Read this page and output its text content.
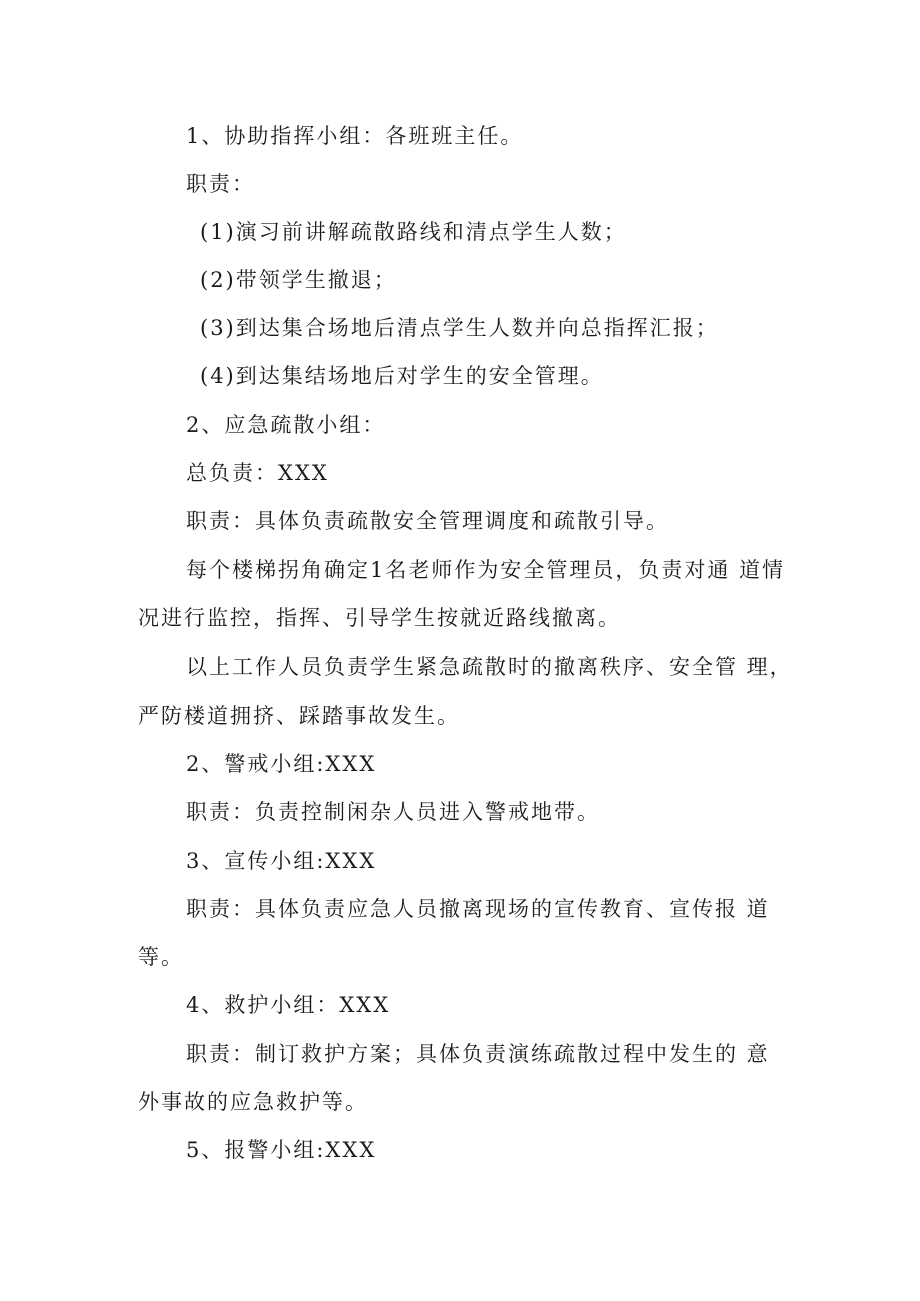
1、协助指挥小组：各班班主任。
职责：
(1)演习前讲解疏散路线和清点学生人数；
(2)带领学生撤退；
(3)到达集合场地后清点学生人数并向总指挥汇报；
(4)到达集结场地后对学生的安全管理。
2、应急疏散小组：
总负责：XXX
职责：具体负责疏散安全管理调度和疏散引导。
每个楼梯拐角确定1名老师作为安全管理员，负责对通 道情
况进行监控，指挥、引导学生按就近路线撤离。
以上工作人员负责学生紧急疏散时的撤离秩序、安全管 理，
严防楼道拥挤、踩踏事故发生。
2、警戒小组:XXX
职责：负责控制闲杂人员进入警戒地带。
3、宣传小组:XXX
职责：具体负责应急人员撤离现场的宣传教育、宣传报 道
等。
4、救护小组：XXX
职责：制订救护方案；具体负责演练疏散过程中发生的 意
外事故的应急救护等。
5、报警小组:XXX
